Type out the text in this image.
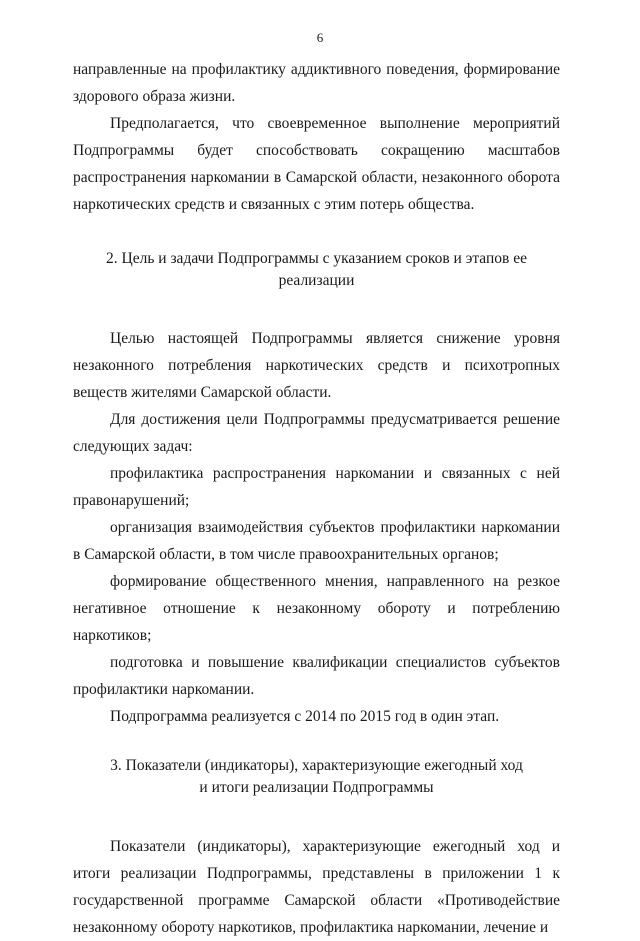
6

направленные на профилактику аддиктивного поведения, формирование здорового образа жизни.

Предполагается, что своевременное выполнение мероприятий Подпрограммы будет способствовать сокращению масштабов распространения наркомании в Самарской области, незаконного оборота наркотических средств и связанных с этим потерь общества.

2. Цель и задачи Подпрограммы с указанием сроков и этапов ее
реализации

Целью настоящей Подпрограммы является снижение уровня незаконного потребления наркотических средств и психотропных веществ жителями Самарской области.

Для достижения цели Подпрограммы предусматривается решение следующих задач:

профилактика распространения наркомании и связанных с ней правонарушений;

организация взаимодействия субъектов профилактики наркомании в Самарской области, в том числе правоохранительных органов;

формирование общественного мнения, направленного на резкое негативное отношение к незаконному обороту и потреблению наркотиков;

подготовка и повышение квалификации специалистов субъектов профилактики наркомании.

Подпрограмма реализуется с 2014 по 2015 год в один этап.

3. Показатели (индикаторы), характеризующие ежегодный ход
и итоги реализации Подпрограммы

Показатели (индикаторы), характеризующие ежегодный ход и итоги реализации Подпрограммы, представлены в приложении 1 к государственной программе Самарской области «Противодействие незаконному обороту наркотиков, профилактика наркомании, лечение и
